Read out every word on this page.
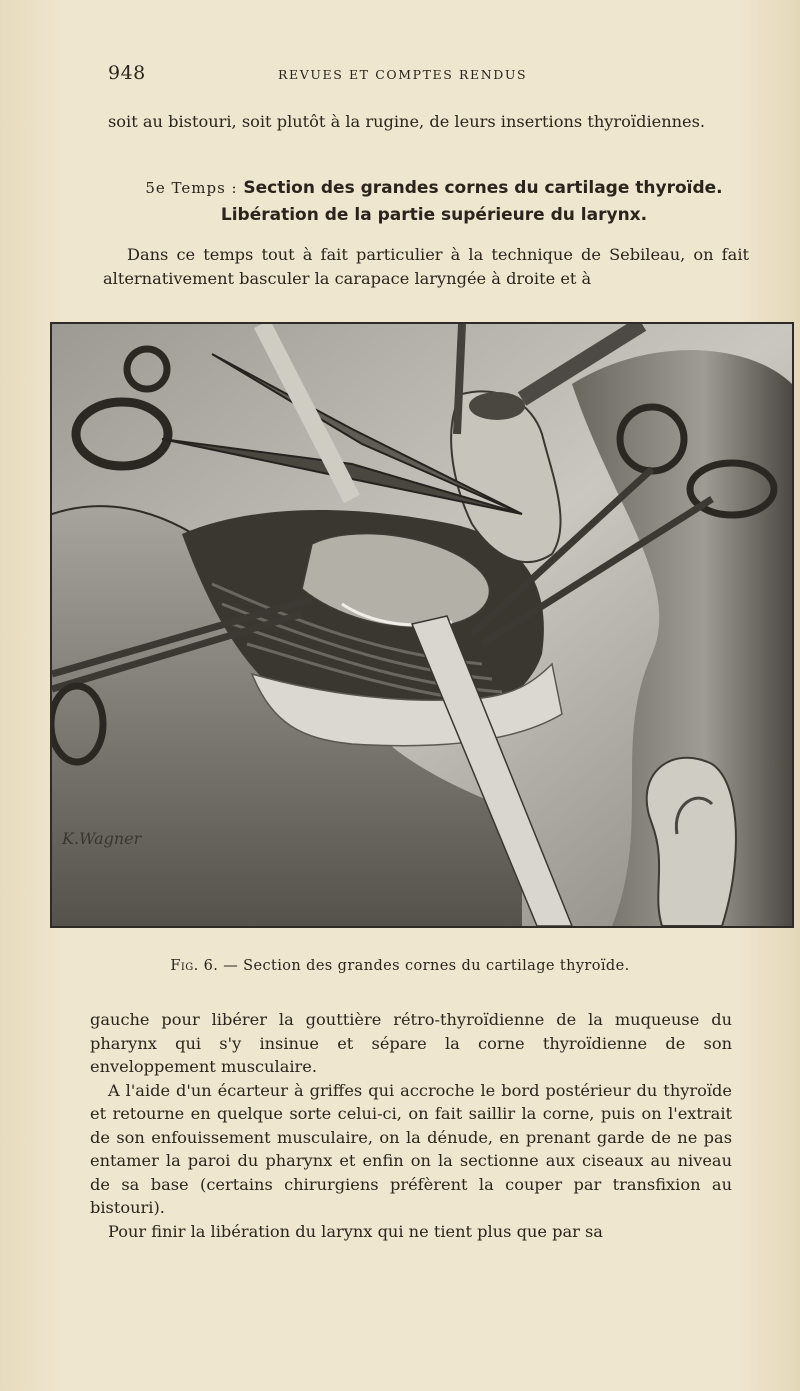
948	REVUES ET COMPTES RENDUS
soit au bistouri, soit plutôt à la rugine, de leurs insertions thyroïdiennes.
5e Temps : Section des grandes cornes du cartilage thyroïde.
Libération de la partie supérieure du larynx.
Dans ce temps tout à fait particulier à la technique de Sebileau, on fait alternativement basculer la carapace laryngée à droite et à
K.Wagner
Fig. 6. — Section des grandes cornes du cartilage thyroïde.

gauche pour libérer la gouttière rétro-thyroïdienne de la muqueuse du pharynx qui s'y insinue et sépare la corne thyroïdienne de son enveloppement musculaire.

A l'aide d'un écarteur à griffes qui accroche le bord postérieur du thyroïde et retourne en quelque sorte celui-ci, on fait saillir la corne, puis on l'extrait de son enfouissement musculaire, on la dénude, en prenant garde de ne pas entamer la paroi du pharynx et enfin on la sectionne aux ciseaux au niveau de sa base (certains chirurgiens préfèrent la couper par transfixion au bistouri).

Pour finir la libération du larynx qui ne tient plus que par sa
